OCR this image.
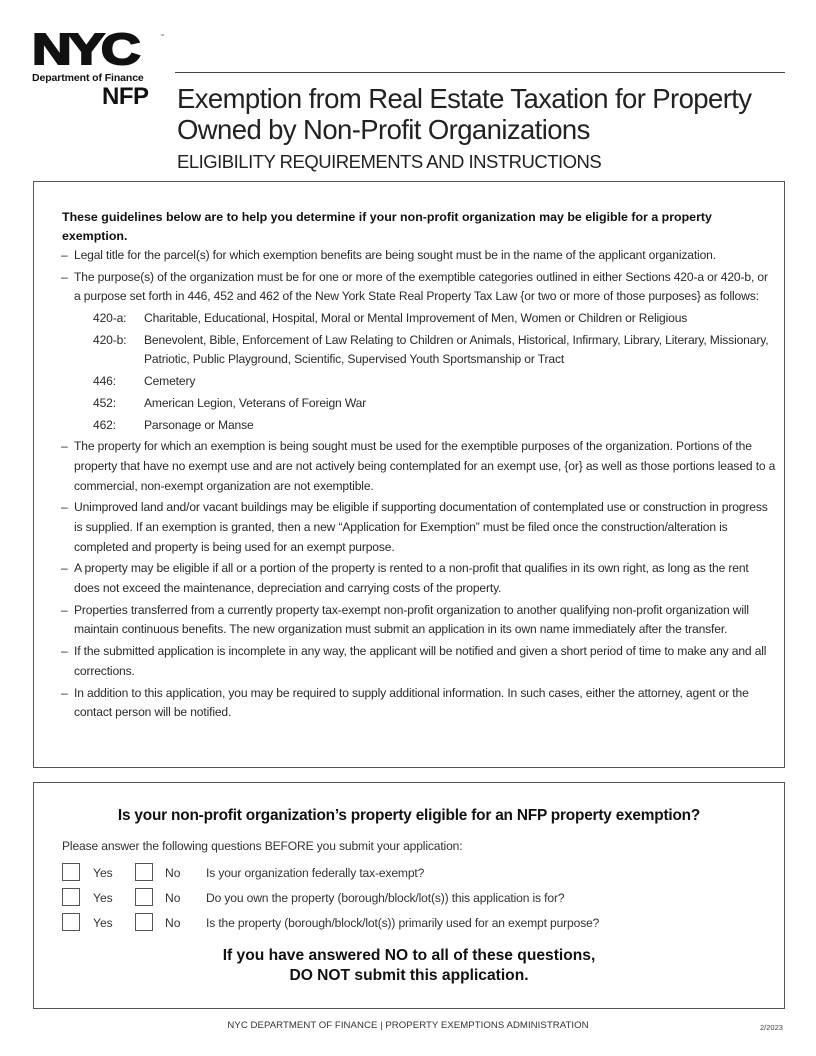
NYC	™
Department of Finance
NFP Exemption from Real Estate Taxation for Property
Owned by Non-Profit Organizations
ELIGIBILITY REQUIREMENTS AND INSTRUCTIONS

These guidelines below are to help you determine if your non-profit organization may be eligible for a property exemption.

– Legal title for the parcel(s) for which exemption benefits are being sought must be in the name of the applicant organization.
– The purpose(s) of the organization must be for one or more of the exemptible categories outlined in either Sections 420-a or 420-b, or a purpose set forth in 446, 452 and 462 of the New York State Real Property Tax Law {or two or more of those purposes} as follows:
420-a:	Charitable, Educational, Hospital, Moral or Mental Improvement of Men, Women or Children or Religious
420-b:	Benevolent, Bible, Enforcement of Law Relating to Children or Animals, Historical, Infirmary, Library, Literary, Missionary, Patriotic, Public Playground, Scientific, Supervised Youth Sportsmanship or Tract
446:	Cemetery
452:	American Legion, Veterans of Foreign War
462:	Parsonage or Manse
– The property for which an exemption is being sought must be used for the exemptible purposes of the organization. Portions of the property that have no exempt use and are not actively being contemplated for an exempt use, {or} as well as those portions leased to a commercial, non-exempt organization are not exemptible.
– Unimproved land and/or vacant buildings may be eligible if supporting documentation of contemplated use or construction in progress is supplied. If an exemption is granted, then a new “Application for Exemption” must be filed once the construction/alteration is completed and property is being used for an exempt purpose.
– A property may be eligible if all or a portion of the property is rented to a non-profit that qualifies in its own right, as long as the rent does not exceed the maintenance, depreciation and carrying costs of the property.
– Properties transferred from a currently property tax-exempt non-profit organization to another qualifying non-profit organization will maintain continuous benefits. The new organization must submit an application in its own name immediately after the transfer.
– If the submitted application is incomplete in any way, the applicant will be notified and given a short period of time to make any and all corrections.
– In addition to this application, you may be required to supply additional information. In such cases, either the attorney, agent or the contact person will be notified.
Is your non-profit organization’s property eligible for an NFP property exemption?

Please answer the following questions BEFORE you submit your application:

Yes	No Is your organization federally tax-exempt?
Yes	No Do you own the property (borough/block/lot(s)) this application is for?
Yes	No Is the property (borough/block/lot(s)) primarily used for an exempt purpose?
If you have answered NO to all of these questions,
DO NOT submit this application.
NYC DEPARTMENT OF FINANCE | PROPERTY EXEMPTIONS ADMINISTRATION	2/2023
